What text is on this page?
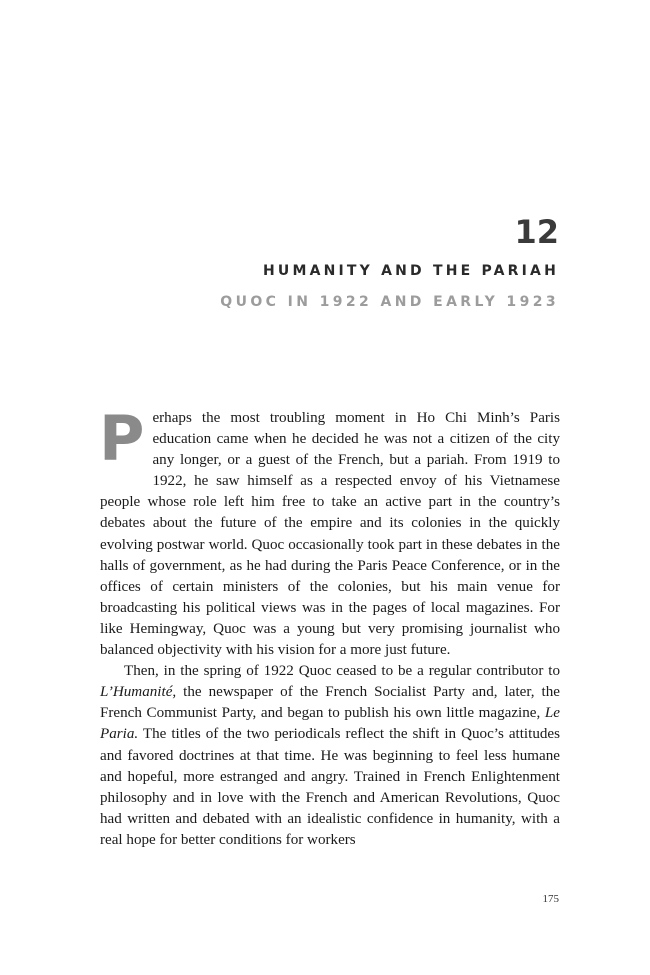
12
HUMANITY AND THE PARIAH
QUOC IN 1922 AND EARLY 1923

Perhaps the most troubling moment in Ho Chi Minh’s Paris education came when he decided he was not a citizen of the city any longer, or a guest of the French, but a pariah. From 1919 to 1922, he saw himself as a respected envoy of his Vietnamese people whose role left him free to take an active part in the country’s debates about the future of the empire and its colonies in the quickly evolving postwar world. Quoc occasionally took part in these debates in the halls of government, as he had during the Paris Peace Conference, or in the offices of certain ministers of the colonies, but his main venue for broadcasting his political views was in the pages of local magazines. For like Hemingway, Quoc was a young but very promising journalist who balanced objectivity with his vision for a more just future.

Then, in the spring of 1922 Quoc ceased to be a regular contributor to L’Humanité, the newspaper of the French Socialist Party and, later, the French Communist Party, and began to publish his own little magazine, Le Paria. The titles of the two periodicals reflect the shift in Quoc’s attitudes and favored doctrines at that time. He was beginning to feel less humane and hopeful, more estranged and angry. Trained in French Enlightenment philosophy and in love with the French and American Revolutions, Quoc had written and debated with an idealistic confidence in humanity, with a real hope for better conditions for workers

175
